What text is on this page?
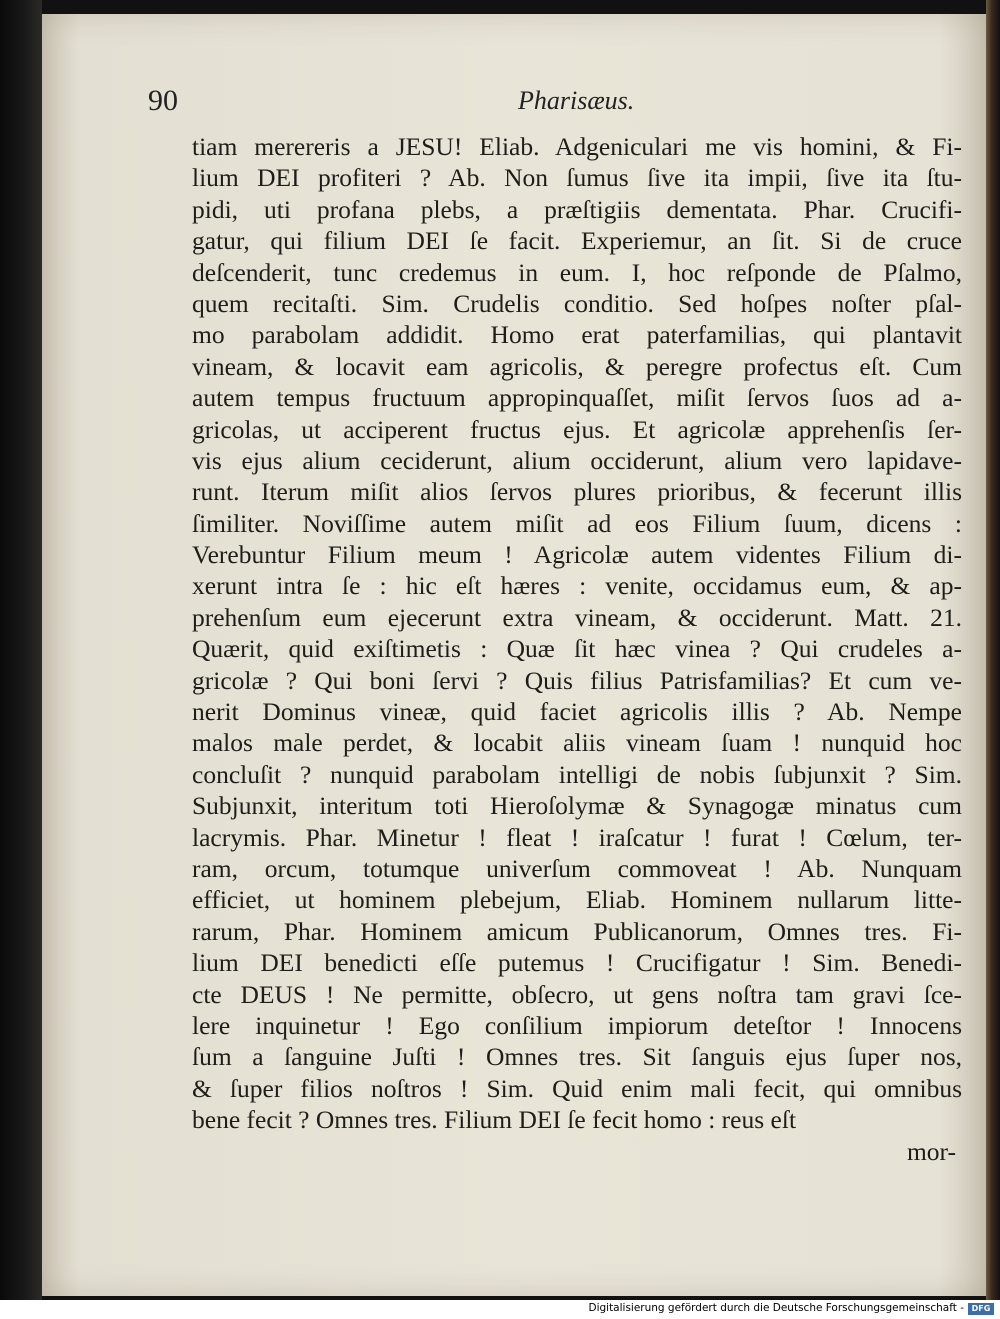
90	Pharisæus.
tiam merereris a JESU! Eliab. Adgeniculari me vis homini, & Fi-
lium DEI profiteri ? Ab. Non ſumus ſive ita impii, ſive ita ſtu-
pidi, uti profana plebs, a præſtigiis dementata. Phar. Crucifi-
gatur, qui filium DEI ſe facit. Experiemur, an ſit. Si de cruce
deſcenderit, tunc credemus in eum. I, hoc reſponde de Pſalmo,
quem recitaſti. Sim. Crudelis conditio. Sed hoſpes noſter pſal-
mo parabolam addidit. Homo erat paterfamilias, qui plantavit
vineam, & locavit eam agricolis, & peregre profectus eſt. Cum
autem tempus fructuum appropinquaſſet, miſit ſervos ſuos ad a-
gricolas, ut acciperent fructus ejus. Et agricolæ apprehenſis ſer-
vis ejus alium ceciderunt, alium occiderunt, alium vero lapidave-
runt. Iterum miſit alios ſervos plures prioribus, & fecerunt illis
ſimiliter. Noviſſime autem miſit ad eos Filium ſuum, dicens :
Verebuntur Filium meum ! Agricolæ autem videntes Filium di-
xerunt intra ſe : hic eſt hæres : venite, occidamus eum, & ap-
prehenſum eum ejecerunt extra vineam, & occiderunt. Matt. 21.
Quærit, quid exiſtimetis : Quæ ſit hæc vinea ? Qui crudeles a-
gricolæ ? Qui boni ſervi ? Quis filius Patrisfamilias? Et cum ve-
nerit Dominus vineæ, quid faciet agricolis illis ? Ab. Nempe
malos male perdet, & locabit aliis vineam ſuam ! nunquid hoc
concluſit ? nunquid parabolam intelligi de nobis ſubjunxit ? Sim.
Subjunxit, interitum toti Hieroſolymæ & Synagogæ minatus cum
lacrymis. Phar. Minetur ! fleat ! iraſcatur ! furat ! Cœlum, ter-
ram, orcum, totumque univerſum commoveat ! Ab. Nunquam
efficiet, ut hominem plebejum, Eliab. Hominem nullarum litte-
rarum, Phar. Hominem amicum Publicanorum, Omnes tres. Fi-
lium DEI benedicti eſſe putemus ! Crucifigatur ! Sim. Benedi-
cte DEUS ! Ne permitte, obſecro, ut gens noſtra tam gravi ſce-
lere inquinetur ! Ego conſilium impiorum deteſtor ! Innocens
ſum a ſanguine Juſti ! Omnes tres. Sit ſanguis ejus ſuper nos,
& ſuper filios noſtros ! Sim. Quid enim mali fecit, qui omnibus
bene fecit ? Omnes tres. Filium DEI ſe fecit homo : reus eſt
mor-
Digitalisierung gefördert durch die Deutsche Forschungsgemeinschaft - DFG
